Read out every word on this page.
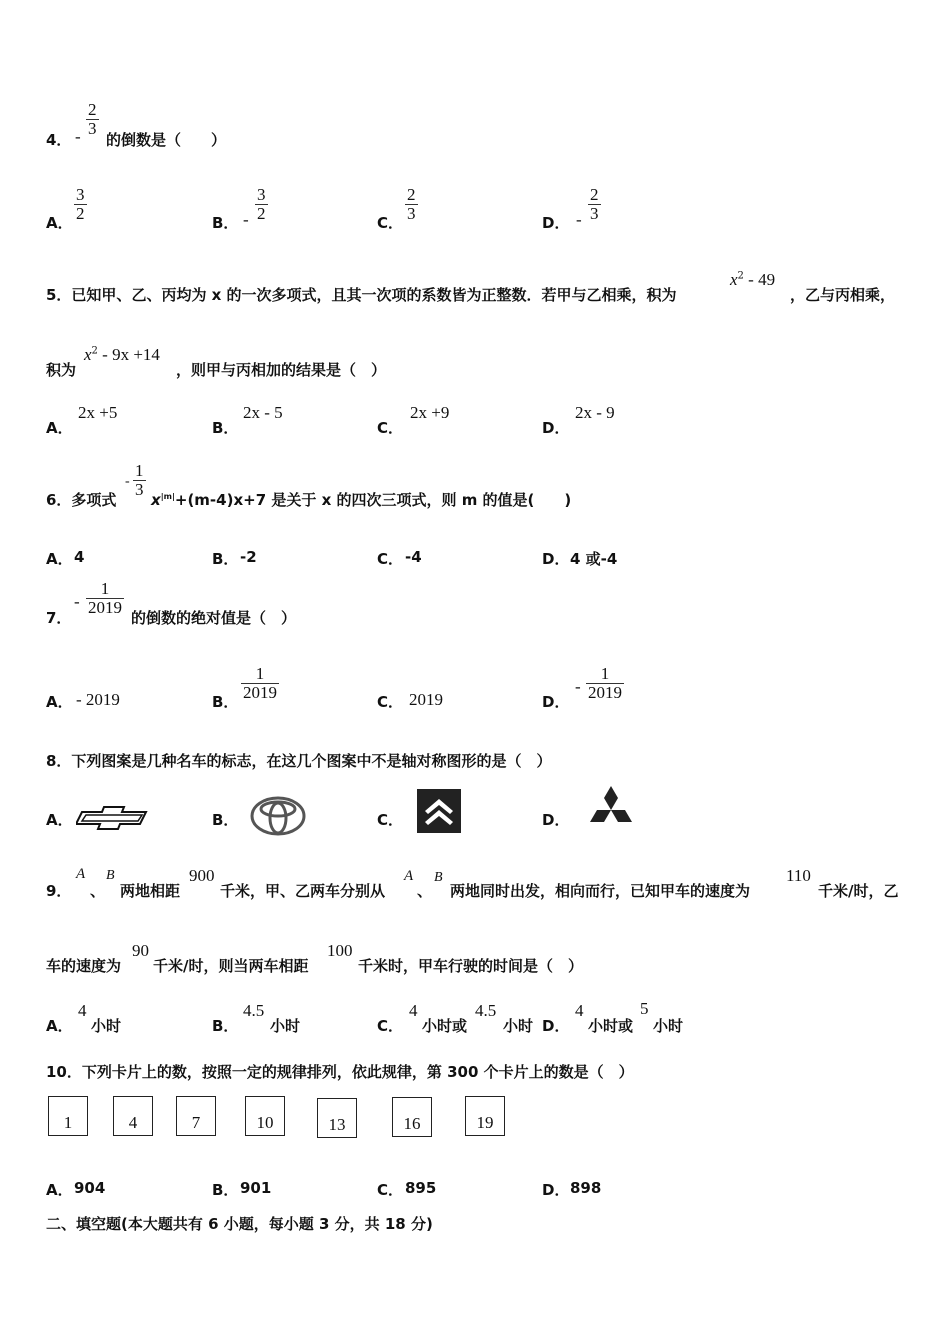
4． - $\frac{2}{3}$
的倒数是（　　）
A． $\frac{3}{2}$	B． - $\frac{3}{2}$	C． $\frac{2}{3}$	D． - $\frac{2}{3}$
5．已知甲、乙、丙均为 x 的一次多项式，且其一次项的系数皆为正整数．若甲与乙相乘，积为
$x^2 - 49$
，乙与丙相乘，
积为
$x^2 - 9x +14$
，则甲与丙相加的结果是（　）
A．
2x +5
B．
2x - 5
C．
2x +9
D．
2x - 9
6．多项式
- $\frac{1}{3}$
$x^{|m|}+(m-4)x+7$ 是关于 x 的四次三项式，则 m 的值是(　　)
A． 4	B． -2	C． -4	D． 4 或-4
7．
- $\frac{1}{2019}$
的倒数的绝对值是（　）
A． - 2019	B． $\frac{1}{2019}$	C． 2019	D．
- $\frac{1}{2019}$
8．下列图案是几种名车的标志，在这几个图案中不是轴对称图形的是（　）
A．	B．	C．	D．
9．
A
、
B
两地相距
900
千米，甲、乙两车分别从
A
、
B
两地同时出发，相向而行，已知甲车的速度为
110
千米/时，乙
车的速度为
90
千米/时，则当两车相距
100
千米时，甲车行驶的时间是（　）
A．
4
小时	B．
4.5
小时	C．
4
小时或
4.5
小时 D．
4
小时或
5
小时
10．下列卡片上的数，按照一定的规律排列，依此规律，第 300 个卡片上的数是（　）
1	4	7	10	13	16	19
A． 904	B． 901	C． 895	D． 898
二、填空题(本大题共有 6 小题，每小题 3 分，共 18 分)
